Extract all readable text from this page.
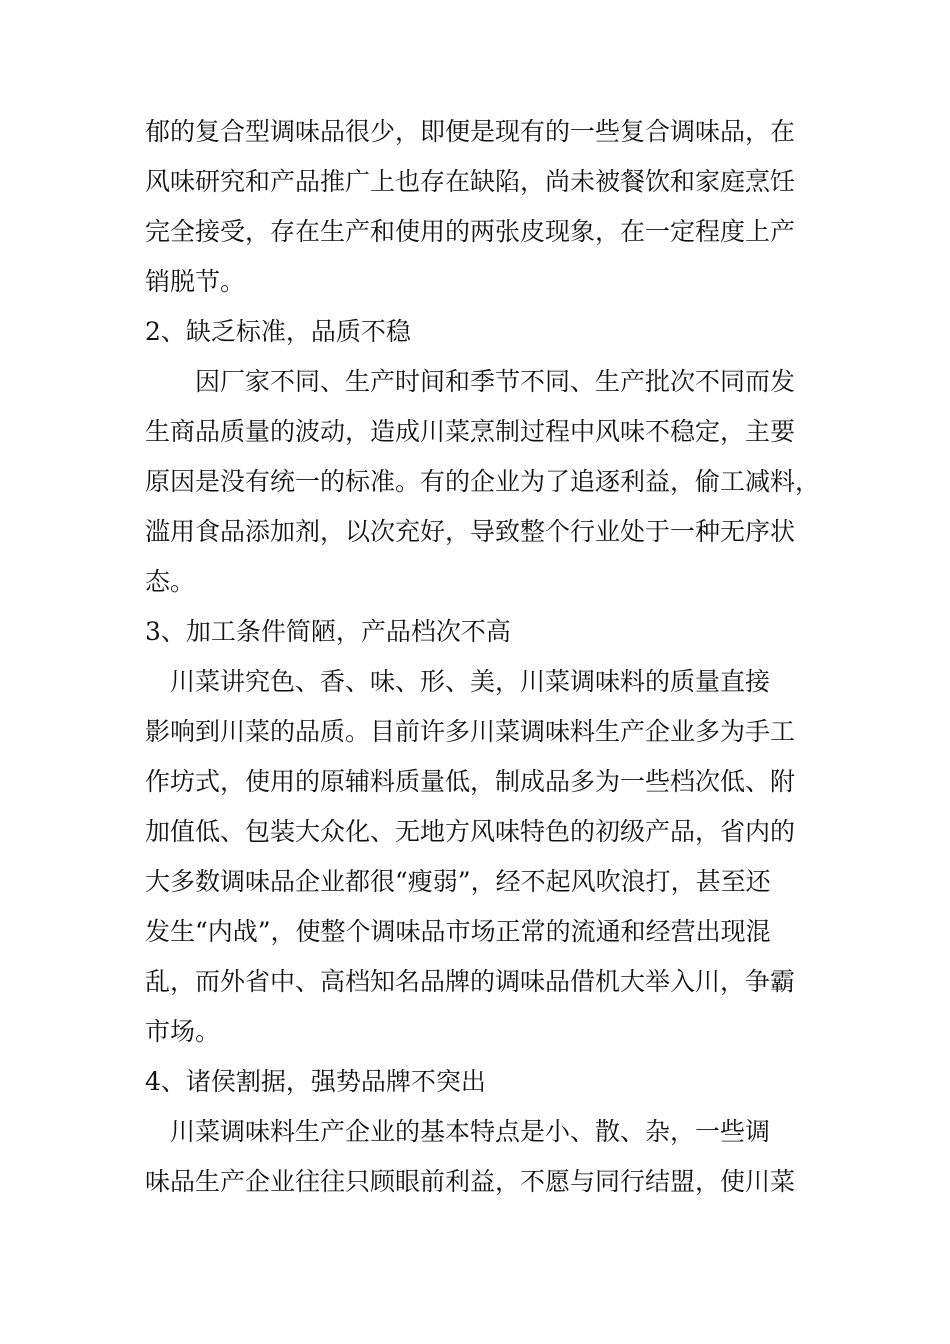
郁的复合型调味品很少，即便是现有的一些复合调味品，在
风味研究和产品推广上也存在缺陷，尚未被餐饮和家庭烹饪
完全接受，存在生产和使用的两张皮现象，在一定程度上产
销脱节。
2、缺乏标准，品质不稳
因厂家不同、生产时间和季节不同、生产批次不同而发
生商品质量的波动，造成川菜烹制过程中风味不稳定，主要
原因是没有统一的标准。有的企业为了追逐利益，偷工减料，
滥用食品添加剂，以次充好，导致整个行业处于一种无序状
态。
3、加工条件简陋，产品档次不高
川菜讲究色、香、味、形、美，川菜调味料的质量直接
影响到川菜的品质。目前许多川菜调味料生产企业多为手工
作坊式，使用的原辅料质量低，制成品多为一些档次低、附
加值低、包装大众化、无地方风味特色的初级产品，省内的
大多数调味品企业都很“瘦弱”，经不起风吹浪打，甚至还
发生“内战”，使整个调味品市场正常的流通和经营出现混
乱，而外省中、高档知名品牌的调味品借机大举入川，争霸
市场。
4、诸侯割据，强势品牌不突出
川菜调味料生产企业的基本特点是小、散、杂，一些调
味品生产企业往往只顾眼前利益，不愿与同行结盟，使川菜
